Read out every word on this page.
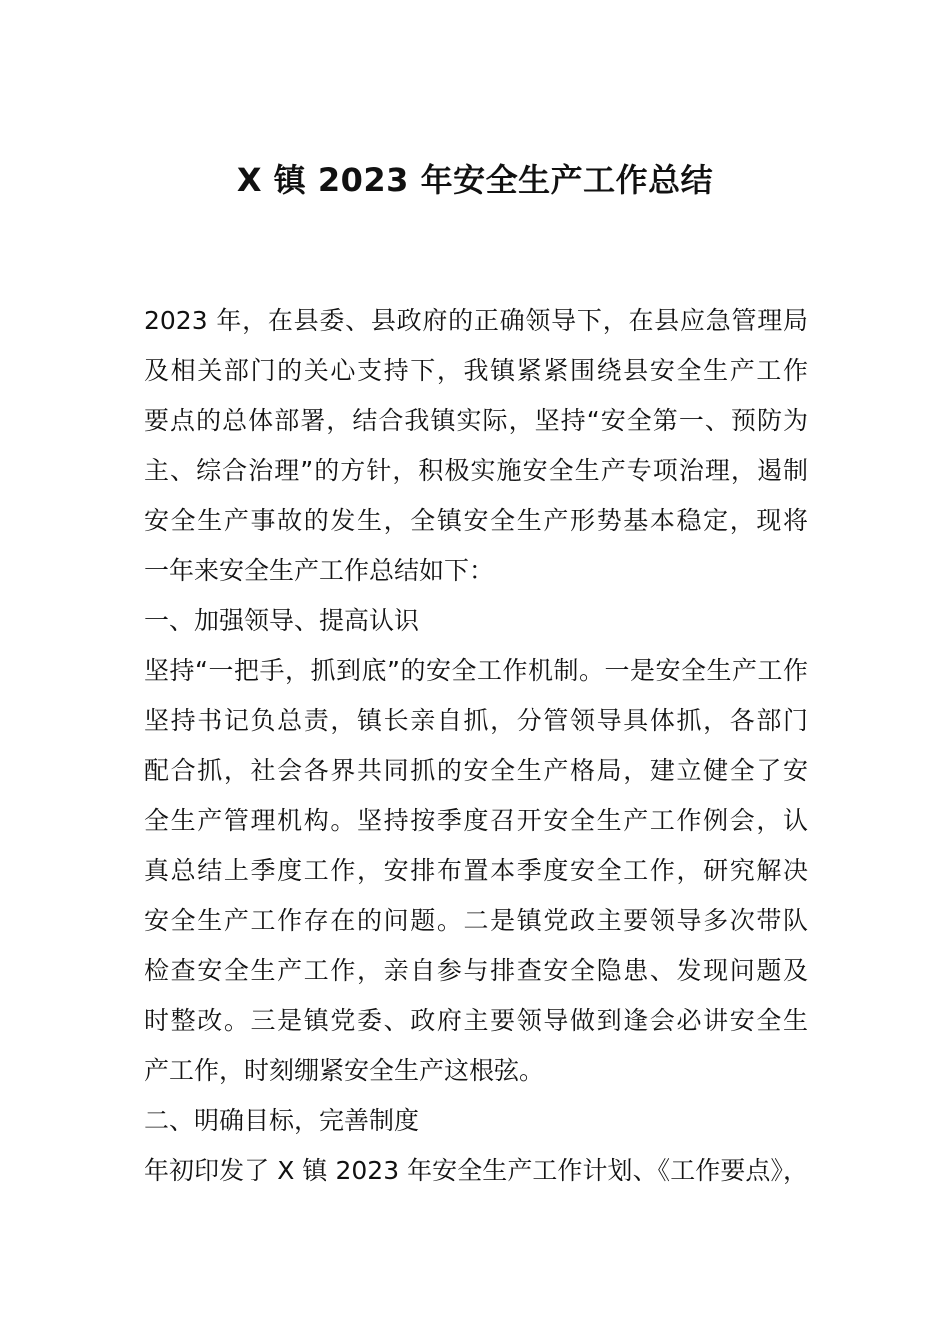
X 镇 2023 年安全生产工作总结
2023 年，在县委、县政府的正确领导下，在县应急管理局
及相关部门的关心支持下，我镇紧紧围绕县安全生产工作
要点的总体部署，结合我镇实际，坚持“安全第一、预防为
主、综合治理”的方针，积极实施安全生产专项治理，遏制
安全生产事故的发生，全镇安全生产形势基本稳定，现将
一年来安全生产工作总结如下：
一、加强领导、提高认识
坚持“一把手，抓到底”的安全工作机制。一是安全生产工作
坚持书记负总责，镇长亲自抓，分管领导具体抓，各部门
配合抓，社会各界共同抓的安全生产格局，建立健全了安
全生产管理机构。坚持按季度召开安全生产工作例会，认
真总结上季度工作，安排布置本季度安全工作，研究解决
安全生产工作存在的问题。二是镇党政主要领导多次带队
检查安全生产工作，亲自参与排查安全隐患、发现问题及
时整改。三是镇党委、政府主要领导做到逢会必讲安全生
产工作，时刻绷紧安全生产这根弦。
二、明确目标，完善制度
年初印发了 X 镇 2023 年安全生产工作计划、《工作要点》，
